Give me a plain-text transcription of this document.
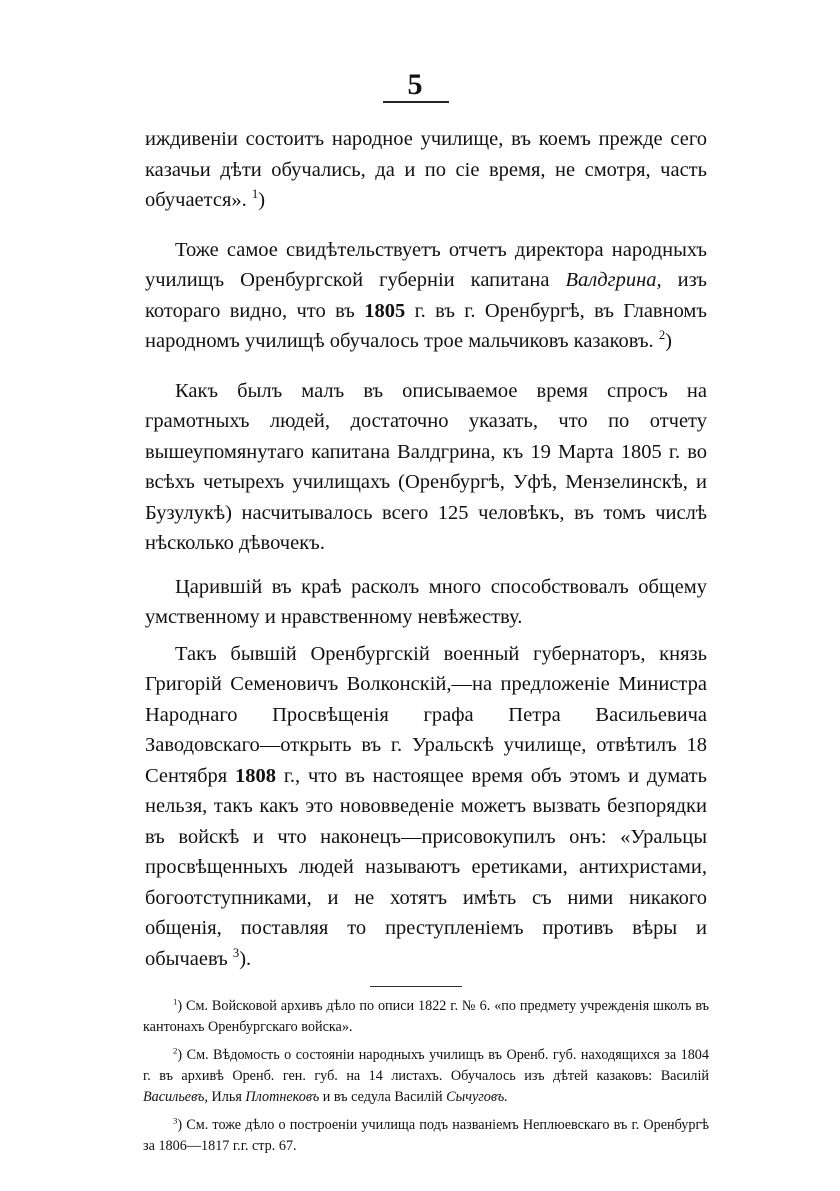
5

иждивеніи состоитъ народное училище, въ коемъ прежде сего казачьи дѣти обучались, да и по сіе время, не смотря, часть обучается». $^1$)

Тоже самое свидѣтельствуетъ отчетъ директора народныхъ училищъ Оренбургской губерніи капитана Валдгрина, изъ котораго видно, что въ 1805 г. въ г. Оренбургѣ, въ Главномъ народномъ училищѣ обучалось трое мальчиковъ казаковъ. $^2$)

Какъ былъ малъ въ описываемое время спросъ на грамотныхъ людей, достаточно указать, что по отчету вышеупомянутаго капитана Валдгрина, къ 19 Марта 1805 г. во всѣхъ четырехъ училищахъ (Оренбургѣ, Уфѣ, Мензелинскѣ, и Бузулукѣ) насчитывалось всего 125 человѣкъ, въ томъ числѣ нѣсколько дѣвочекъ.

Царившій въ краѣ расколъ много способствовалъ общему умственному и нравственному невѣжеству.

Такъ бывшій Оренбургскій военный губернаторъ, князь Григорій Семеновичъ Волконскій,—на предложеніе Министра Народнаго Просвѣщенія графа Петра Васильевича Заводовскаго—открыть въ г. Уральскѣ училище, отвѣтилъ 18 Сентября 1808 г., что въ настоящее время объ этомъ и думать нельзя, такъ какъ это нововведеніе можетъ вызвать безпорядки въ войскѣ и что наконецъ—присовокупилъ онъ: «Уральцы просвѣщенныхъ людей называютъ еретиками, антихристами, богоотступниками, и не хотятъ имѣть съ ними никакого общенія, поставляя то преступленіемъ противъ вѣры и обычаевъ $^3$).

$^1$) См. Войсковой архивъ дѣло по описи 1822 г. № 6. «по предмету учрежденія школъ въ кантонахъ Оренбургскаго войска».

$^2$) См. Вѣдомость о состояніи народныхъ училищъ въ Оренб. губ. находящихся за 1804 г. въ архивѣ Оренб. ген. губ. на 14 листахъ. Обучалось изъ дѣтей казаковъ: Василій Васильевъ, Илья Плотнековъ и въ седула Василій Сычуговъ.

$^3$) См. тоже дѣло о построеніи училища подъ названіемъ Неплюевскаго въ г. Оренбургѣ за 1806—1817 г.г. стр. 67.
